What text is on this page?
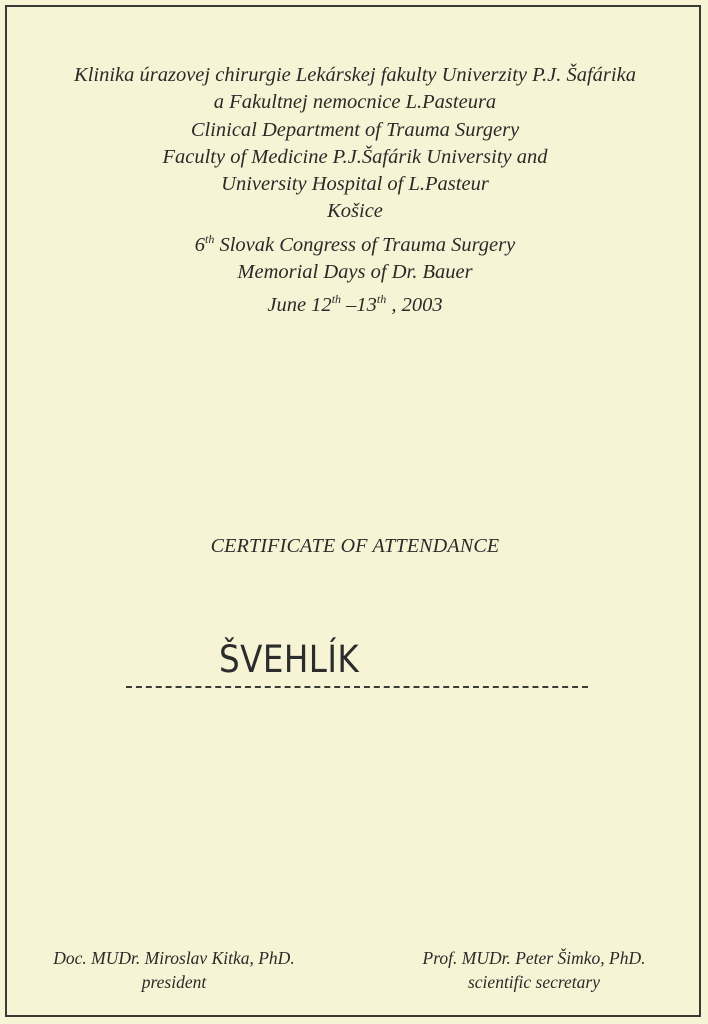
Klinika úrazovej chirurgie Lekárskej fakulty Univerzity P.J. Šafárika
a Fakultnej nemocnice L.Pasteura
Clinical Department of Trauma Surgery
Faculty of Medicine P.J.Šafárik University and
University Hospital of L.Pasteur
Košice
6th Slovak Congress of Trauma Surgery
Memorial Days of Dr. Bauer
June 12th –13th , 2003
CERTIFICATE OF ATTENDANCE
ŠVEHLÍK
Doc. MUDr. Miroslav Kitka, PhD.
president
Prof. MUDr. Peter Šimko, PhD.
scientific secretary
